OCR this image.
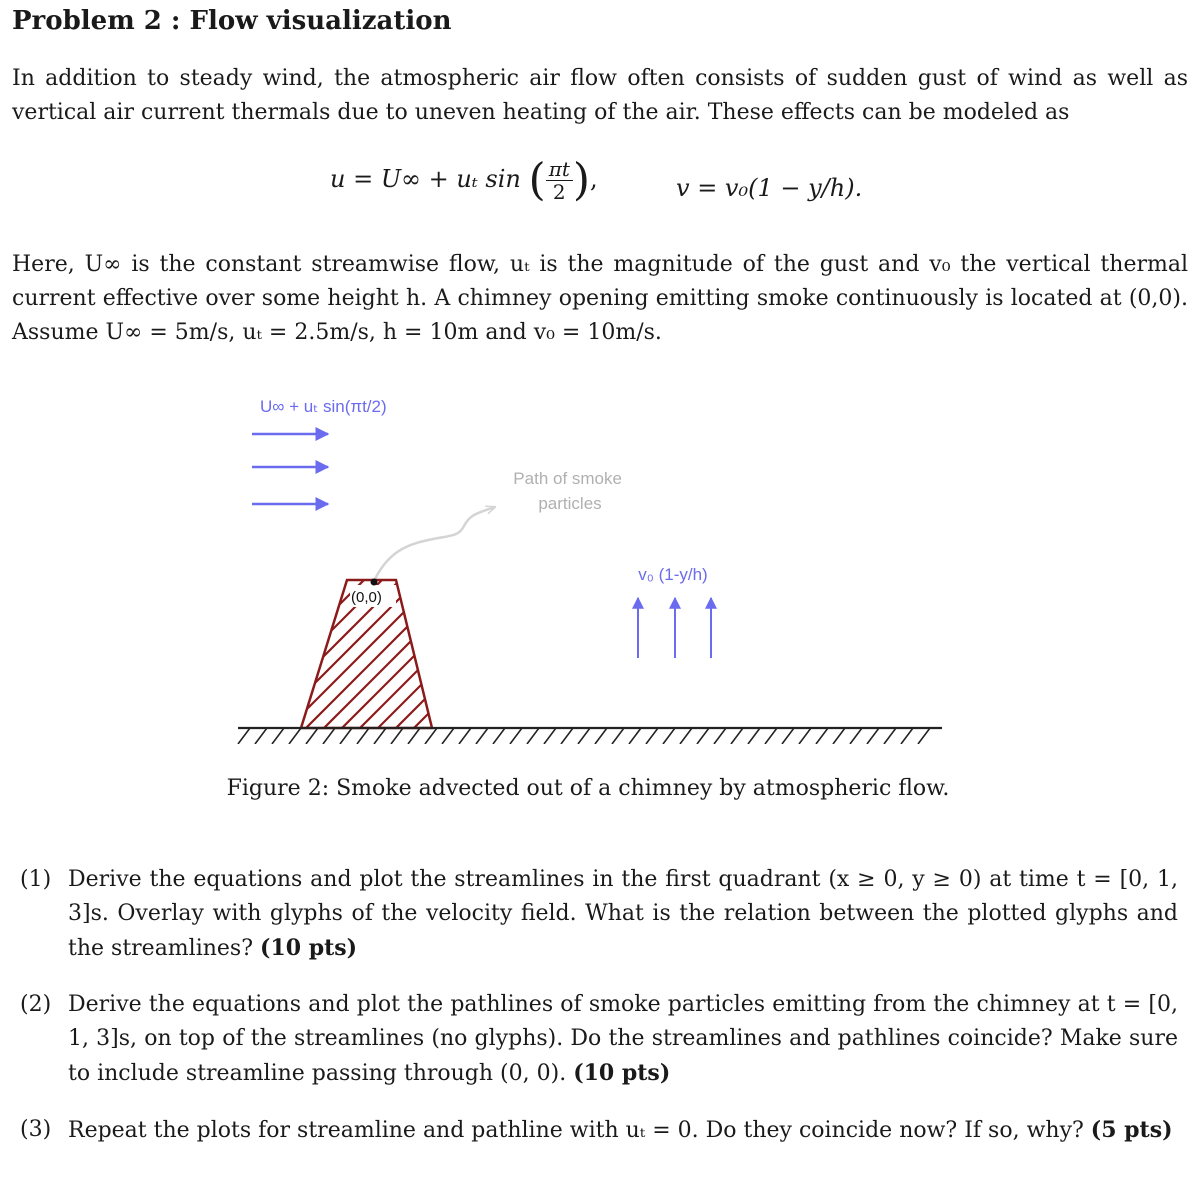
Problem 2 : Flow visualization

In addition to steady wind, the atmospheric air flow often consists of sudden gust of wind as well as vertical air current thermals due to uneven heating of the air. These effects can be modeled as

u = U∞ + uₜ sin ( $\frac{\pi t}{2}$ ),	v = v₀(1 − y/h).

Here, U∞ is the constant streamwise flow, uₜ is the magnitude of the gust and v₀ the vertical thermal current effective over some height h. A chimney opening emitting smoke continuously is located at (0,0). Assume U∞ = 5m/s, uₜ = 2.5m/s, h = 10m and v₀ = 10m/s.

U∞ + uₜ sin(πt/2)
Path of smoke particles
v₀ (1-y/h)
(0,0)

Figure 2: Smoke advected out of a chimney by atmospheric flow.

(1) Derive the equations and plot the streamlines in the first quadrant (x ≥ 0, y ≥ 0) at time t = [0, 1, 3]s. Overlay with glyphs of the velocity field. What is the relation between the plotted glyphs and the streamlines? (10 pts)
(2) Derive the equations and plot the pathlines of smoke particles emitting from the chimney at t = [0, 1, 3]s, on top of the streamlines (no glyphs). Do the streamlines and pathlines coincide? Make sure to include streamline passing through (0, 0). (10 pts)
(3) Repeat the plots for streamline and pathline with uₜ = 0. Do they coincide now? If so, why? (5 pts)
